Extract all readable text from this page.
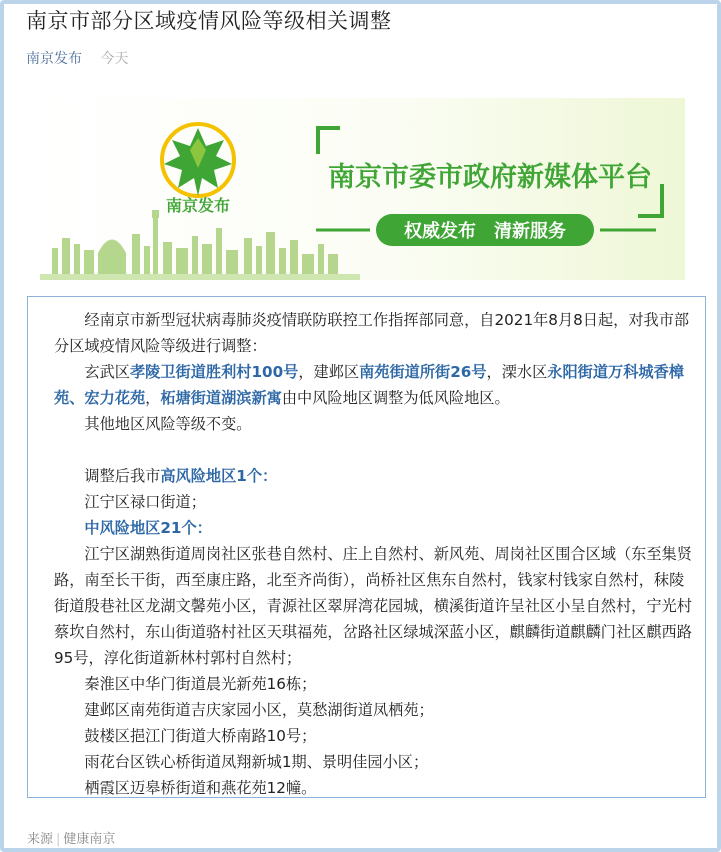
南京市部分区域疫情风险等级相关调整
南京发布 今天
南京发布
南京市委市政府新媒体平台
权威发布　清新服务

经南京市新型冠状病毒肺炎疫情联防联控工作指挥部同意，自2021年8月8日起，对我市部分区域疫情风险等级进行调整：

玄武区孝陵卫街道胜利村100号，建邺区南苑街道所街26号，溧水区永阳街道万科城香樟苑、宏力花苑，柘塘街道湖滨新寓由中风险地区调整为低风险地区。

其他地区风险等级不变。

调整后我市高风险地区1个：

江宁区禄口街道；

中风险地区21个：

江宁区湖熟街道周岗社区张巷自然村、庄上自然村、新风苑、周岗社区围合区域（东至集贤路，南至长干街，西至康庄路，北至齐尚街），尚桥社区焦东自然村，钱家村钱家自然村，秣陵街道殷巷社区龙湖文馨苑小区，青源社区翠屏湾花园城，横溪街道许呈社区小呈自然村，宁光村蔡坎自然村，东山街道骆村社区天琪福苑，岔路社区绿城深蓝小区，麒麟街道麒麟门社区麒西路95号，淳化街道新林村郭村自然村；

秦淮区中华门街道晨光新苑16栋；

建邺区南苑街道吉庆家园小区，莫愁湖街道凤栖苑；

鼓楼区挹江门街道大桥南路10号；

雨花台区铁心桥街道凤翔新城1期、景明佳园小区；

栖霞区迈皋桥街道和燕花苑12幢。

来源 | 健康南京
